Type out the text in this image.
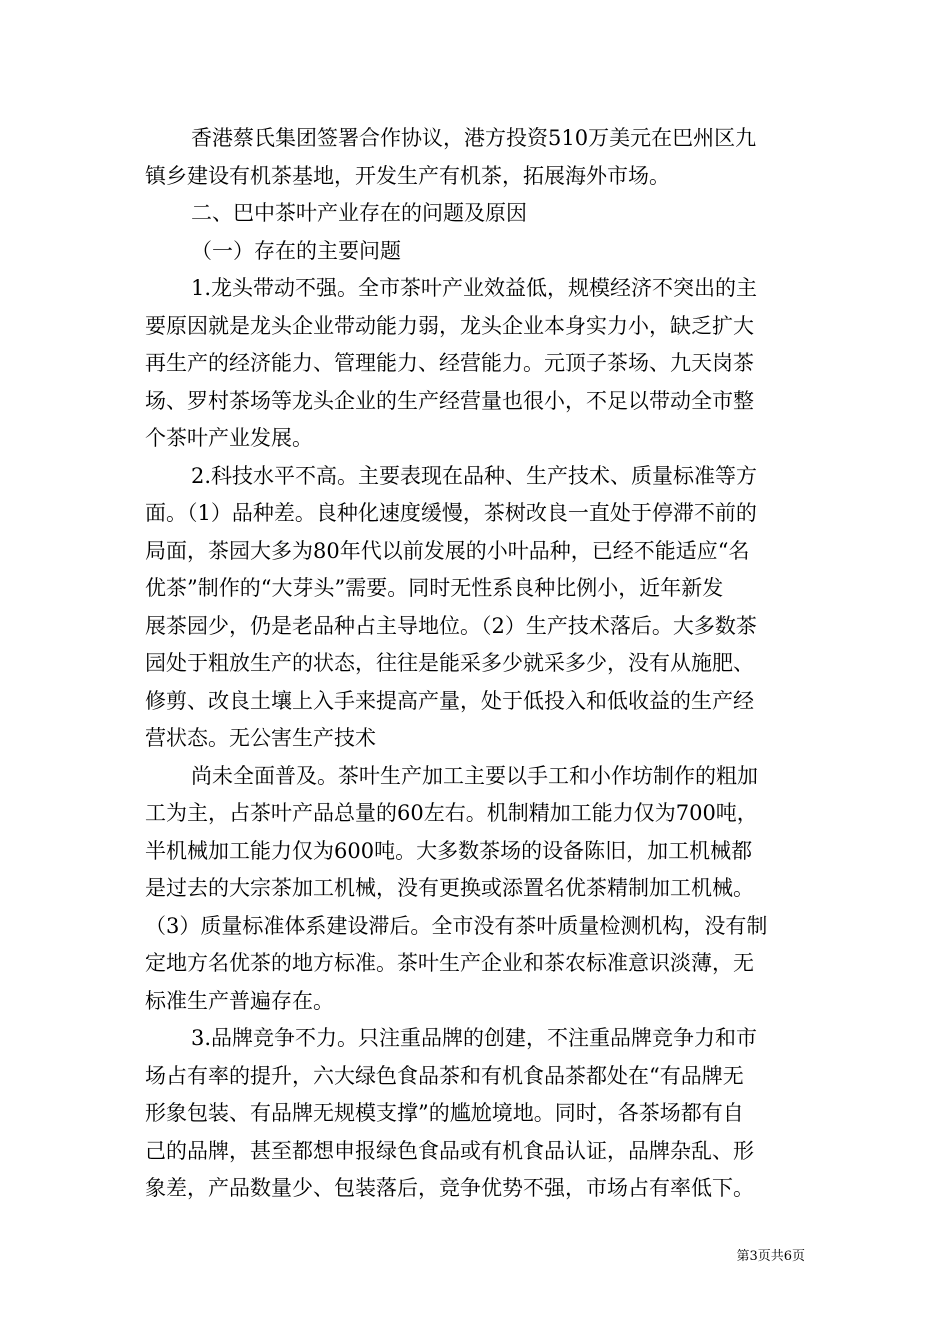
香港蔡氏集团签署合作协议，港方投资510万美元在巴州区九
镇乡建设有机茶基地，开发生产有机茶，拓展海外市场。
二、巴中茶叶产业存在的问题及原因
（一）存在的主要问题
1.龙头带动不强。全市茶叶产业效益低，规模经济不突出的主
要原因就是龙头企业带动能力弱，龙头企业本身实力小，缺乏扩大
再生产的经济能力、管理能力、经营能力。元顶子茶场、九天岗茶
场、罗村茶场等龙头企业的生产经营量也很小，不足以带动全市整
个茶叶产业发展。
2.科技水平不高。主要表现在品种、生产技术、质量标准等方
面。（1）品种差。良种化速度缓慢，茶树改良一直处于停滞不前的
局面，茶园大多为80年代以前发展的小叶品种，已经不能适应“名
优茶”制作的“大芽头”需要。同时无性系良种比例小，近年新发
展茶园少，仍是老品种占主导地位。（2）生产技术落后。大多数茶
园处于粗放生产的状态，往往是能采多少就采多少，没有从施肥、
修剪、改良土壤上入手来提高产量，处于低投入和低收益的生产经
营状态。无公害生产技术
尚未全面普及。茶叶生产加工主要以手工和小作坊制作的粗加
工为主，占茶叶产品总量的60左右。机制精加工能力仅为700吨，
半机械加工能力仅为600吨。大多数茶场的设备陈旧，加工机械都
是过去的大宗茶加工机械，没有更换或添置名优茶精制加工机械。
（3）质量标准体系建设滞后。全市没有茶叶质量检测机构，没有制
定地方名优茶的地方标准。茶叶生产企业和茶农标准意识淡薄，无
标准生产普遍存在。
3.品牌竞争不力。只注重品牌的创建，不注重品牌竞争力和市
场占有率的提升，六大绿色食品茶和有机食品茶都处在“有品牌无
形象包装、有品牌无规模支撑”的尴尬境地。同时，各茶场都有自
己的品牌，甚至都想申报绿色食品或有机食品认证，品牌杂乱、形
象差，产品数量少、包装落后，竞争优势不强，市场占有率低下。
第3页共6页
